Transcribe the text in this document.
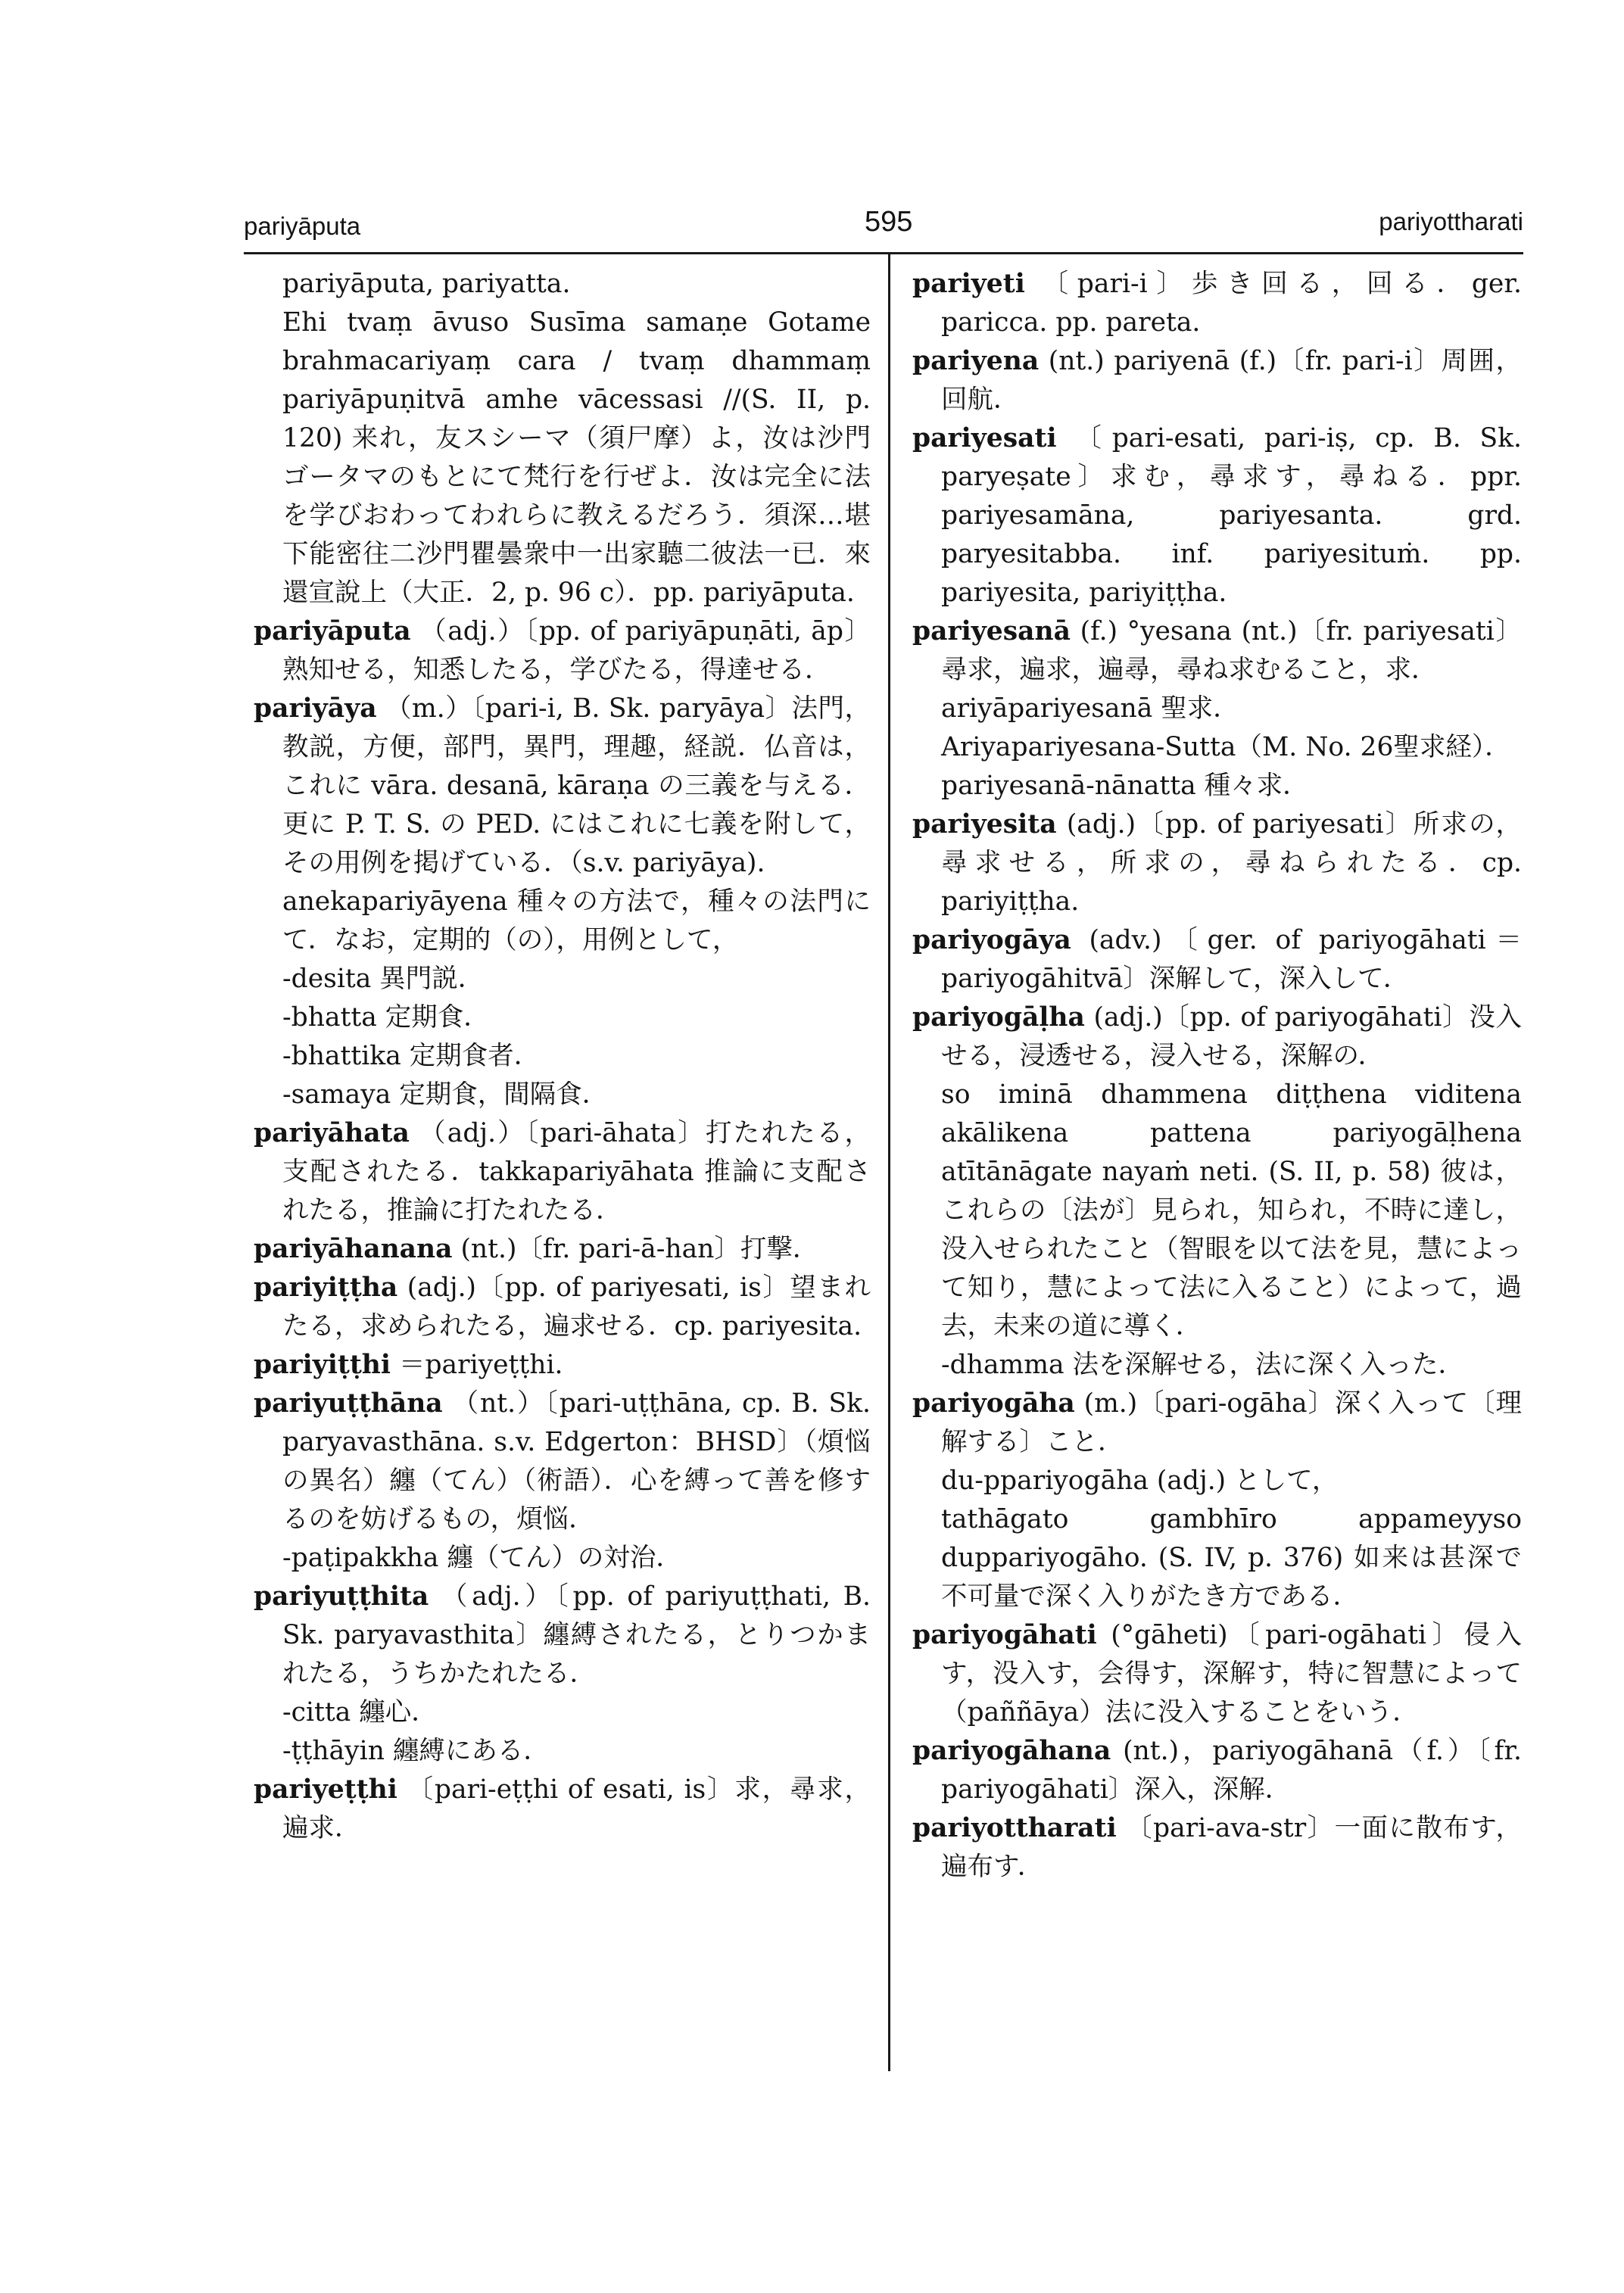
pariyāputa	595	pariyottharati

pariyāputa, pariyatta.

Ehi tvaṃ āvuso Susīma samaṇe Gotame brahmacariyaṃ cara / tvaṃ dhammaṃ pariyāpuṇitvā amhe vācessasi //(S. II, p. 120) 来れ，友スシーマ（須尸摩）よ，汝は沙門ゴータマのもとにて梵行を行ぜよ．汝は完全に法を学びおわってわれらに教えるだろう．須深…堪下能密往二沙門瞿曇衆中一出家聽二彼法一已．來還宣說上（大正．2, p. 96 c）．pp. pariyāputa.

pariyāputa （adj.）〔pp. of pariyāpuṇāti, āp〕熟知せる，知悉したる，学びたる，得達せる．

pariyāya （m.）〔pari-i, B. Sk. paryāya〕法門，教説，方便，部門，異門，理趣，経説．仏音は，これに vāra. desanā, kāraṇa の三義を与える．更に P. T. S. の PED. にはこれに七義を附して，その用例を掲げている．（s.v. pariyāya).

anekapariyāyena 種々の方法で，種々の法門にて．なお，定期的（の），用例として，

-desita 異門説．

-bhatta 定期食．

-bhattika 定期食者．

-samaya 定期食，間隔食．

pariyāhata （adj.）〔pari-āhata〕打たれたる，支配されたる．takkapariyāhata 推論に支配されたる，推論に打たれたる．

pariyāhanana (nt.)〔fr. pari-ā-han〕打撃．

pariyiṭṭha (adj.)〔pp. of pariyesati, is〕望まれたる，求められたる，遍求せる．cp. pariyesita.

pariyiṭṭhi ＝pariyeṭṭhi.

pariyuṭṭhāna （nt.）〔pari-uṭṭhāna, cp. B. Sk. paryavasthāna. s.v. Edgerton：BHSD〕（煩悩の異名）纏（てん）（術語）．心を縛って善を修するのを妨げるもの，煩悩．

-paṭipakkha 纏（てん）の対治．

pariyuṭṭhita （adj.）〔pp. of pariyuṭṭhati, B. Sk. paryavasthita〕纏縛されたる，とりつかまれたる，うちかたれたる．

-citta 纏心．

-ṭṭhāyin 纏縛にある．

pariyeṭṭhi 〔pari-eṭṭhi of esati, is〕求，尋求，遍求．

pariyeti 〔pari-i〕歩き回る，回る．ger. paricca. pp. pareta.

pariyena (nt.) pariyenā (f.)〔fr. pari-i〕周囲，回航．

pariyesati 〔pari-esati, pari-iṣ, cp. B. Sk. paryeṣate〕求む，尋求す，尋ねる．ppr. pariyesamāna, pariyesanta. grd. paryesitabba. inf. pariyesituṁ. pp. pariyesita, pariyiṭṭha.

pariyesanā (f.) °yesana (nt.)〔fr. pariyesati〕尋求，遍求，遍尋，尋ね求むること，求．

ariyāpariyesanā 聖求．

Ariyapariyesana-Sutta（M. No. 26聖求経）．

pariyesanā-nānatta 種々求．

pariyesita (adj.)〔pp. of pariyesati〕所求の，尋求せる，所求の，尋ねられたる．cp. pariyiṭṭha.

pariyogāya (adv.)〔ger. of pariyogāhati＝pariyogāhitvā〕深解して，深入して．

pariyogāḷha (adj.)〔pp. of pariyogāhati〕没入せる，浸透せる，浸入せる，深解の．

so iminā dhammena diṭṭhena viditena akālikena pattena pariyogāḷhena atītānāgate nayaṁ neti. (S. II, p. 58) 彼は，これらの〔法が〕見られ，知られ，不時に達し，没入せられたこと（智眼を以て法を見，慧によって知り，慧によって法に入ること）によって，過去，未来の道に導く．

-dhamma 法を深解せる，法に深く入った．

pariyogāha (m.)〔pari-ogāha〕深く入って〔理解する〕こと．

du-ppariyogāha (adj.) として，

tathāgato gambhīro appameyyso duppariyogāho. (S. IV, p. 376) 如来は甚深で不可量で深く入りがたき方である．

pariyogāhati (°gāheti)〔pari-ogāhati〕侵入す，没入す，会得す，深解す，特に智慧によって（paññāya）法に没入することをいう．

pariyogāhana (nt.)，pariyogāhanā（f.）〔fr. pariyogāhati〕深入，深解．

pariyottharati 〔pari-ava-str〕一面に散布す，遍布す．
